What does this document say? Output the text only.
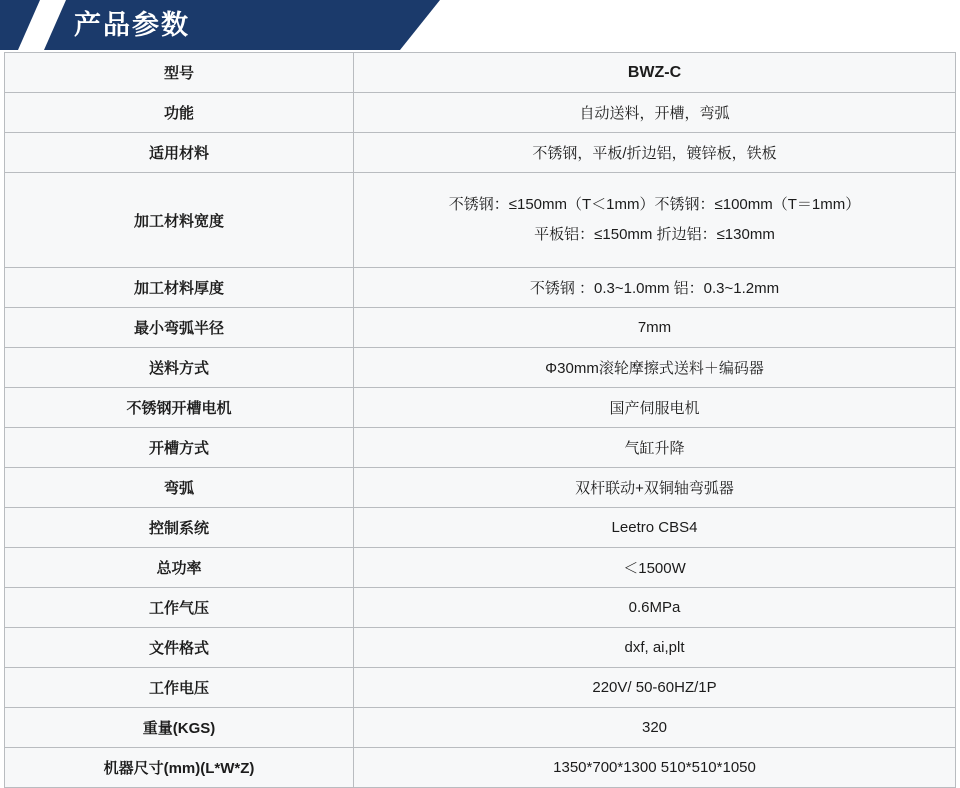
产品参数
型号	BWZ-C
功能	自动送料，开槽，弯弧
适用材料	不锈钢，平板/折边铝，镀锌板，铁板
加工材料宽度	不锈钢：≤150mm（T＜1mm）不锈钢：≤100mm（T＝1mm）
平板铝：≤150mm 折边铝：≤130mm

加工材料厚度	不锈钢 ：0.3~1.0mm 铝：0.3~1.2mm
最小弯弧半径	7mm
送料方式	Φ30mm滚轮摩擦式送料＋编码器
不锈钢开槽电机	国产伺服电机
开槽方式	气缸升降
弯弧	双杆联动+双铜轴弯弧器
控制系统	Leetro CBS4
总功率	＜1500W
工作气压	0.6MPa
文件格式	dxf, ai,plt
工作电压	220V/ 50-60HZ/1P
重量(KGS)	320
机器尺寸(mm)(L*W*Z)	1350*700*1300 510*510*1050
